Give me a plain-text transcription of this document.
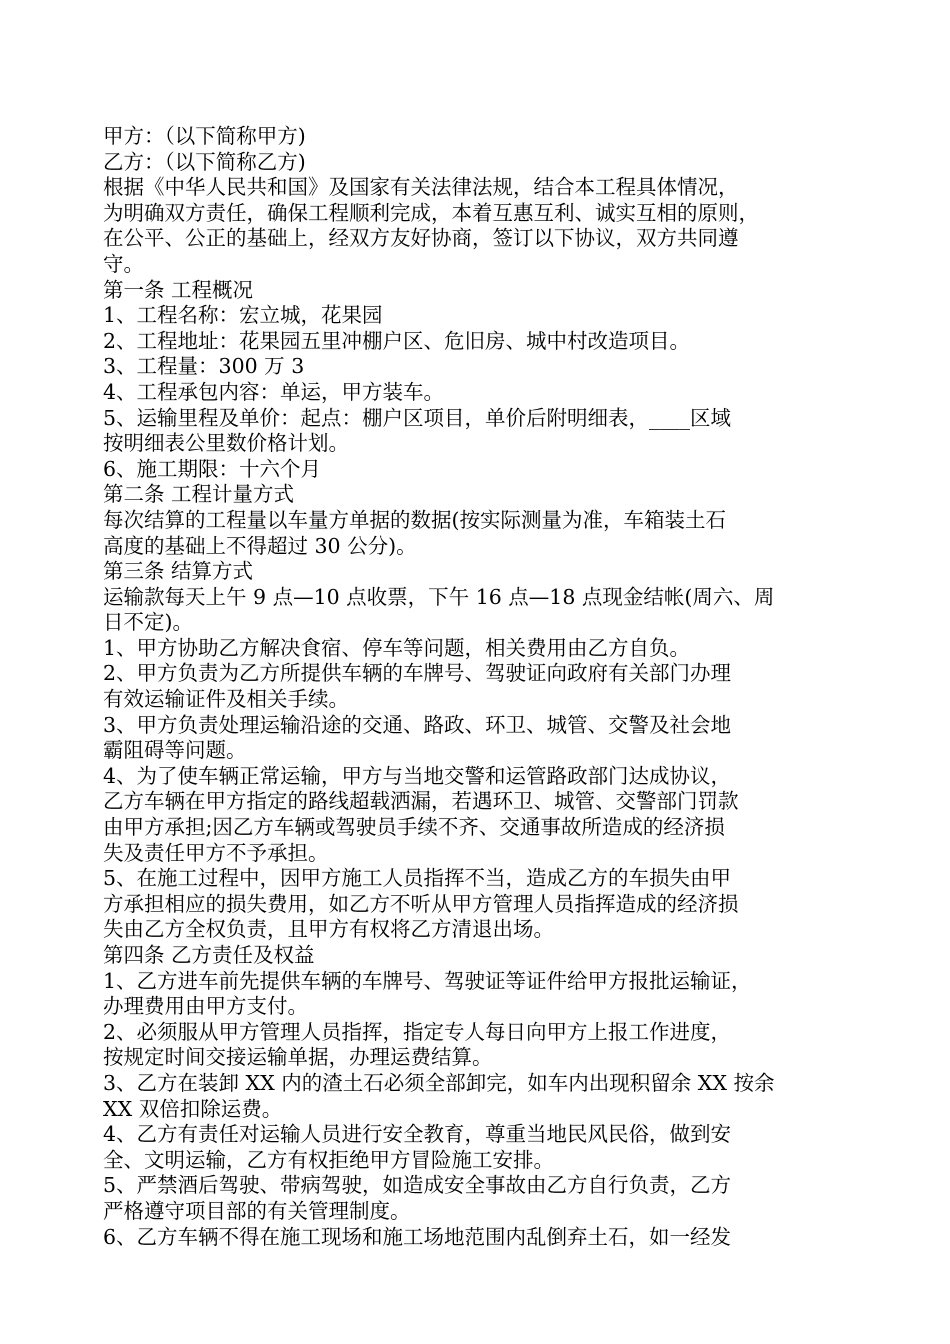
甲方：（以下简称甲方)
乙方：（以下简称乙方)
根据《中华人民共和国》及国家有关法律法规，结合本工程具体情况，
为明确双方责任，确保工程顺利完成，本着互惠互利、诚实互相的原则，
在公平、公正的基础上，经双方友好协商，签订以下协议，双方共同遵
守。
第一条 工程概况
1、工程名称：宏立城，花果园
2、工程地址：花果园五里冲棚户区、危旧房、城中村改造项目。
3、工程量：300 万 3
4、工程承包内容：单运，甲方装车。
5、运输里程及单价：起点：棚户区项目，单价后附明细表，____区域
按明细表公里数价格计划。
6、施工期限：十六个月
第二条 工程计量方式
每次结算的工程量以车量方单据的数据(按实际测量为准，车箱装土石
高度的基础上不得超过 30 公分)。
第三条 结算方式
运输款每天上午 9 点—10 点收票，下午 16 点—18 点现金结帐(周六、周
日不定)。
1、甲方协助乙方解决食宿、停车等问题，相关费用由乙方自负。
2、甲方负责为乙方所提供车辆的车牌号、驾驶证向政府有关部门办理
有效运输证件及相关手续。
3、甲方负责处理运输沿途的交通、路政、环卫、城管、交警及社会地
霸阻碍等问题。
4、为了使车辆正常运输，甲方与当地交警和运管路政部门达成协议，
乙方车辆在甲方指定的路线超载洒漏，若遇环卫、城管、交警部门罚款
由甲方承担;因乙方车辆或驾驶员手续不齐、交通事故所造成的经济损
失及责任甲方不予承担。
5、在施工过程中，因甲方施工人员指挥不当，造成乙方的车损失由甲
方承担相应的损失费用，如乙方不听从甲方管理人员指挥造成的经济损
失由乙方全权负责，且甲方有权将乙方清退出场。
第四条 乙方责任及权益
1、乙方进车前先提供车辆的车牌号、驾驶证等证件给甲方报批运输证，
办理费用由甲方支付。
2、必须服从甲方管理人员指挥，指定专人每日向甲方上报工作进度，
按规定时间交接运输单据，办理运费结算。
3、乙方在装卸 XX 内的渣土石必须全部卸完，如车内出现积留余 XX 按余
XX 双倍扣除运费。
4、乙方有责任对运输人员进行安全教育，尊重当地民风民俗，做到安
全、文明运输，乙方有权拒绝甲方冒险施工安排。
5、严禁酒后驾驶、带病驾驶，如造成安全事故由乙方自行负责，乙方
严格遵守项目部的有关管理制度。
6、乙方车辆不得在施工现场和施工场地范围内乱倒弃土石，如一经发
